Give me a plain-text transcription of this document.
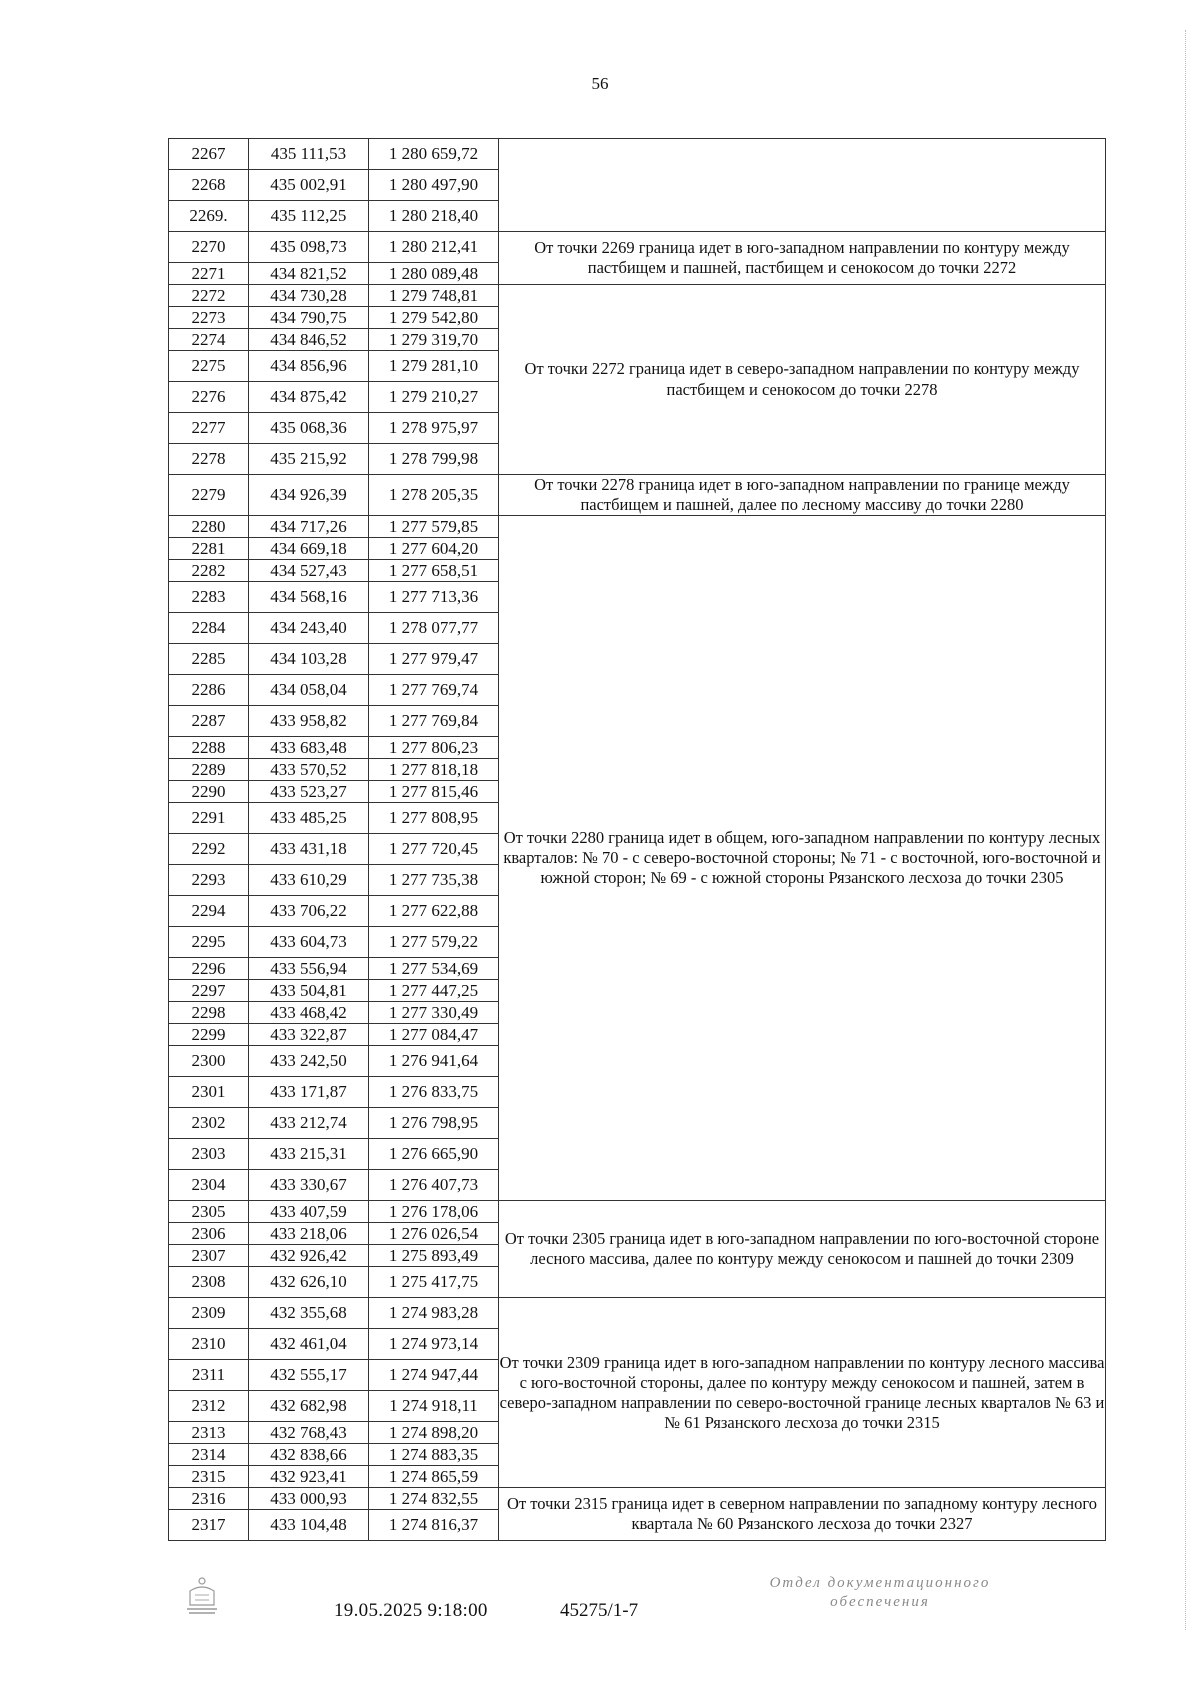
56
2267	435 111,53	1 280 659,72	
2268	435 002,91	1 280 497,90	
2269.	435 112,25	1 280 218,40	
2270	435 098,73	1 280 212,41	От точки 2269 граница идет в юго-западном направлении по контуру между пастбищем и пашней, пастбищем и сенокосом до точки 2272
2271	434 821,52	1 280 089,48	
2272	434 730,28	1 279 748,81	От точки 2272 граница идет в северо-западном направлении по контуру между пастбищем и сенокосом до точки 2278
2273	434 790,75	1 279 542,80	
2274	434 846,52	1 279 319,70	
2275	434 856,96	1 279 281,10	
2276	434 875,42	1 279 210,27	
2277	435 068,36	1 278 975,97	
2278	435 215,92	1 278 799,98	
2279	434 926,39	1 278 205,35	От точки 2278 граница идет в юго-западном направлении по границе между пастбищем и пашней, далее по лесному массиву до точки 2280
2280	434 717,26	1 277 579,85	От точки 2280 граница идет в общем, юго-западном направлении по контуру лесных кварталов: № 70 - с северо-восточной стороны; № 71 - с восточной, юго-восточной и южной сторон; № 69 - с южной стороны Рязанского лесхоза до точки 2305
2281	434 669,18	1 277 604,20	
2282	434 527,43	1 277 658,51	
2283	434 568,16	1 277 713,36	
2284	434 243,40	1 278 077,77	
2285	434 103,28	1 277 979,47	
2286	434 058,04	1 277 769,74	
2287	433 958,82	1 277 769,84	
2288	433 683,48	1 277 806,23	
2289	433 570,52	1 277 818,18	
2290	433 523,27	1 277 815,46	
2291	433 485,25	1 277 808,95	
2292	433 431,18	1 277 720,45	
2293	433 610,29	1 277 735,38	
2294	433 706,22	1 277 622,88	
2295	433 604,73	1 277 579,22	
2296	433 556,94	1 277 534,69	
2297	433 504,81	1 277 447,25	
2298	433 468,42	1 277 330,49	
2299	433 322,87	1 277 084,47	
2300	433 242,50	1 276 941,64	
2301	433 171,87	1 276 833,75	
2302	433 212,74	1 276 798,95	
2303	433 215,31	1 276 665,90	
2304	433 330,67	1 276 407,73	
2305	433 407,59	1 276 178,06	От точки 2305 граница идет в юго-западном направлении по юго-восточной стороне лесного массива, далее по контуру между сенокосом и пашней до точки 2309
2306	433 218,06	1 276 026,54	
2307	432 926,42	1 275 893,49	
2308	432 626,10	1 275 417,75	
2309	432 355,68	1 274 983,28	От точки 2309 граница идет в юго-западном направлении по контуру лесного массива с юго-восточной стороны, далее по контуру между сенокосом и пашней, затем в северо-западном направлении по северо-восточной границе лесных кварталов № 63 и № 61 Рязанского лесхоза до точки 2315
2310	432 461,04	1 274 973,14	
2311	432 555,17	1 274 947,44	
2312	432 682,98	1 274 918,11	
2313	432 768,43	1 274 898,20	
2314	432 838,66	1 274 883,35	
2315	432 923,41	1 274 865,59	
2316	433 000,93	1 274 832,55	От точки 2315 граница идет в северном направлении по западному контуру лесного квартала № 60 Рязанского лесхоза до точки 2327
2317	433 104,48	1 274 816,37	
19.05.2025 9:18:00	45275/1-7
Отдел документационного обеспечения
